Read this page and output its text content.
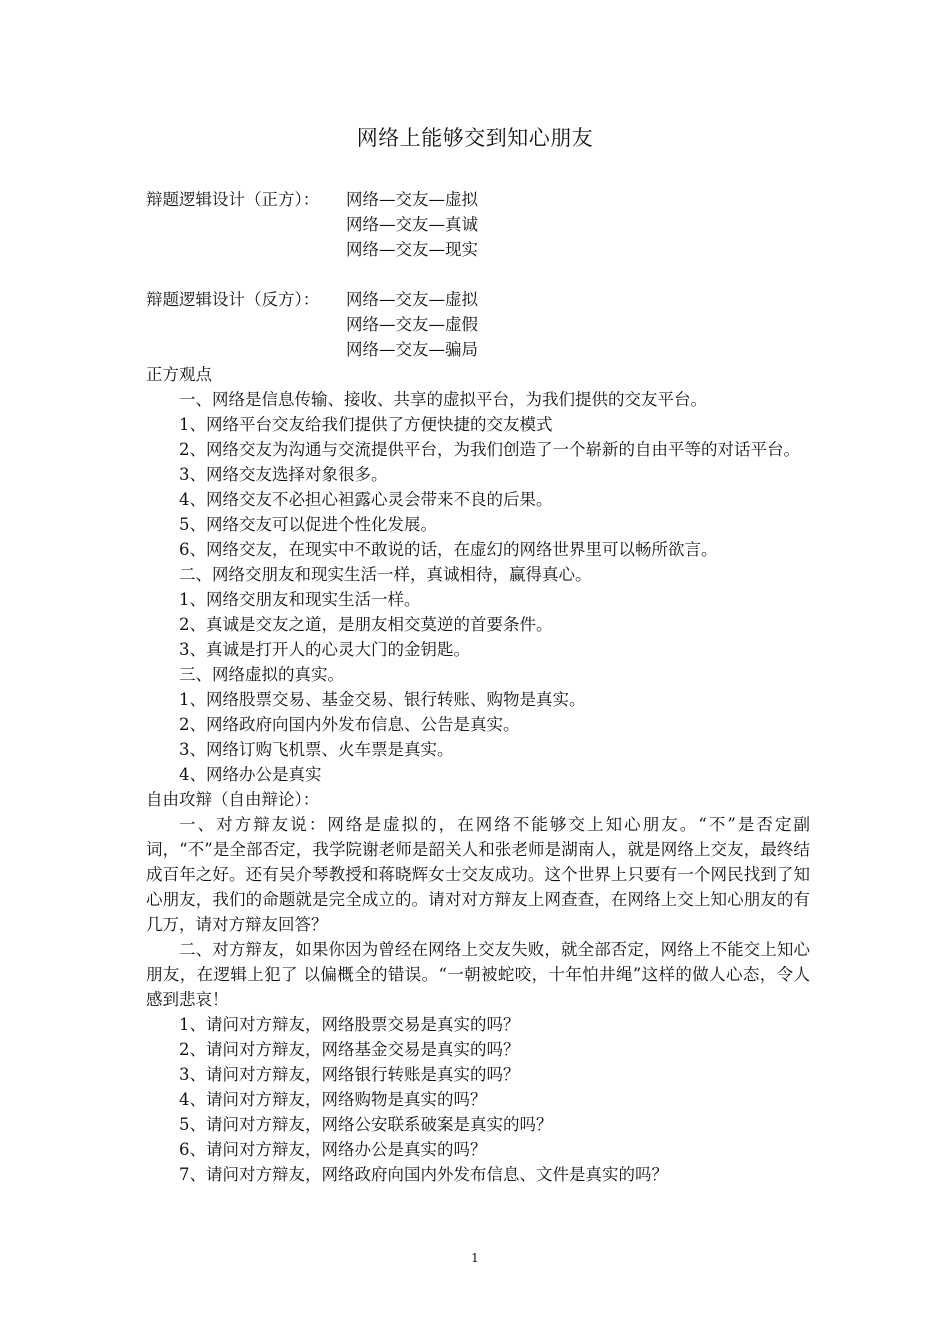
网络上能够交到知心朋友
辩题逻辑设计（正方）： 网络—交友—虚拟
网络—交友—真诚
网络—交友—现实
辩题逻辑设计（反方）： 网络—交友—虚拟
网络—交友—虚假
网络—交友—骗局

正方观点

一、网络是信息传输、接收、共享的虚拟平台，为我们提供的交友平台。

1、网络平台交友给我们提供了方便快捷的交友模式

2、网络交友为沟通与交流提供平台，为我们创造了一个崭新的自由平等的对话平台。

3、网络交友选择对象很多。

4、网络交友不必担心袒露心灵会带来不良的后果。

5、网络交友可以促进个性化发展。

6、网络交友，在现实中不敢说的话，在虚幻的网络世界里可以畅所欲言。

二、网络交朋友和现实生活一样，真诚相待，赢得真心。

1、网络交朋友和现实生活一样。

2、真诚是交友之道，是朋友相交莫逆的首要条件。

3、真诚是打开人的心灵大门的金钥匙。

三、网络虚拟的真实。

1、网络股票交易、基金交易、银行转账、购物是真实。

2、网络政府向国内外发布信息、公告是真实。

3、网络订购飞机票、火车票是真实。

4、网络办公是真实

自由攻辩（自由辩论）：

一、对方辩友说：网络是虚拟的，在网络不能够交上知心朋友。“不”是否定副词，“不”是全部否定，我学院谢老师是韶关人和张老师是湖南人，就是网络上交友，最终结成百年之好。还有吴介琴教授和蒋晓辉女士交友成功。这个世界上只要有一个网民找到了知心朋友，我们的命题就是完全成立的。请对对方辩友上网查查，在网络上交上知心朋友的有几万，请对方辩友回答？

二、对方辩友，如果你因为曾经在网络上交友失败，就全部否定，网络上不能交上知心朋友，在逻辑上犯了 以偏概全的错误。“一朝被蛇咬，十年怕井绳”这样的做人心态，令人感到悲哀！

1、请问对方辩友，网络股票交易是真实的吗？

2、请问对方辩友，网络基金交易是真实的吗？

3、请问对方辩友，网络银行转账是真实的吗？

4、请问对方辩友，网络购物是真实的吗？

5、请问对方辩友，网络公安联系破案是真实的吗？

6、请问对方辩友，网络办公是真实的吗？

7、请问对方辩友，网络政府向国内外发布信息、文件是真实的吗？

1
